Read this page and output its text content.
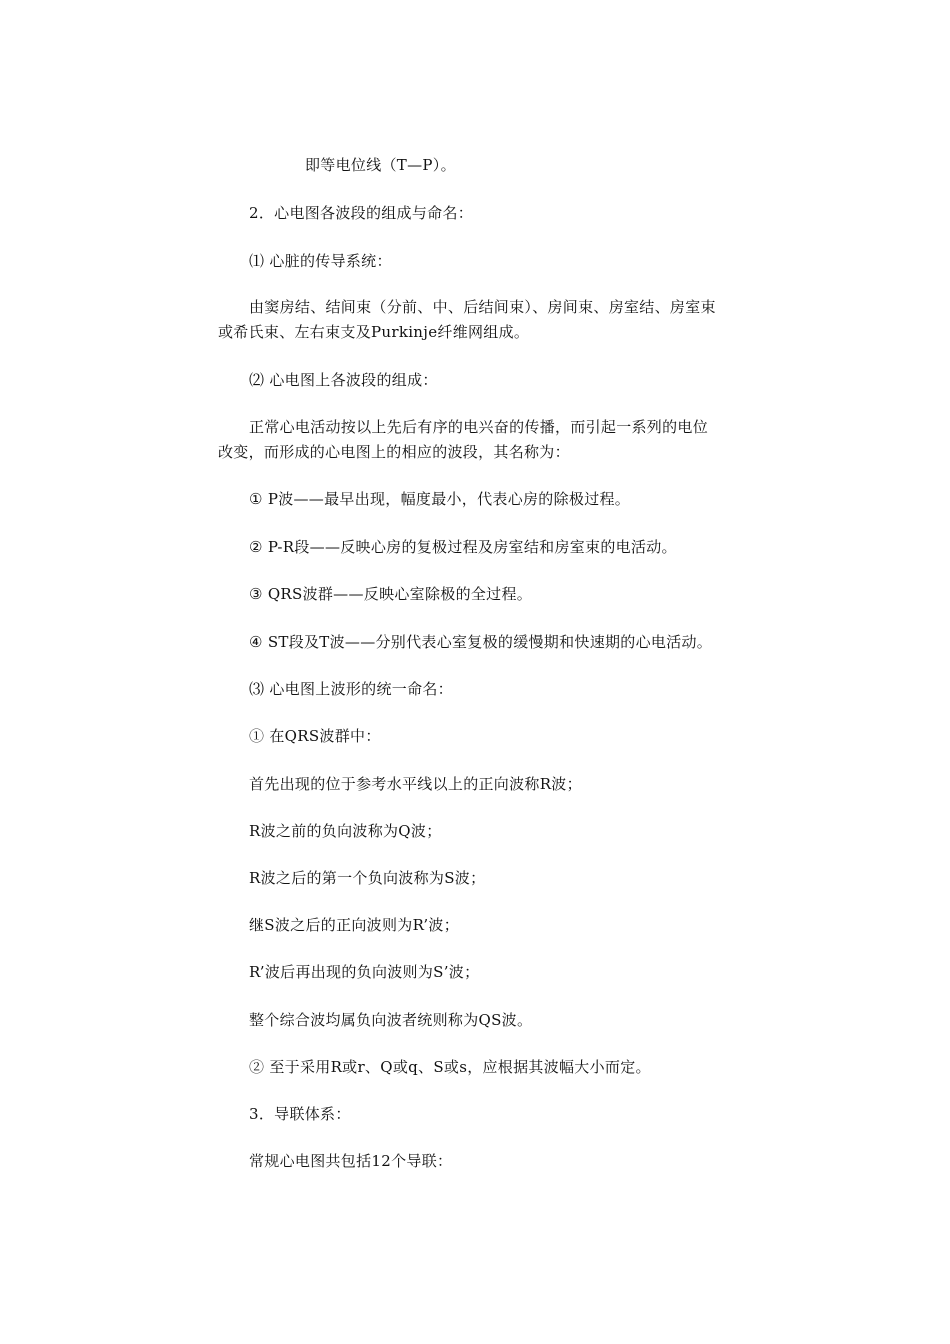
即等电位线（T—P）。
2．心电图各波段的组成与命名：
⑴ 心脏的传导系统：
由窦房结、结间束（分前、中、后结间束）、房间束、房室结、房室束
或希氏束、左右束支及Purkinje纤维网组成。
⑵ 心电图上各波段的组成：
正常心电活动按以上先后有序的电兴奋的传播，而引起一系列的电位
改变，而形成的心电图上的相应的波段，其名称为：
① P波——最早出现，幅度最小，代表心房的除极过程。
② P-R段——反映心房的复极过程及房室结和房室束的电活动。
③ QRS波群——反映心室除极的全过程。
④ ST段及T波——分别代表心室复极的缓慢期和快速期的心电活动。
⑶ 心电图上波形的统一命名：
① 在QRS波群中：
首先出现的位于参考水平线以上的正向波称R波；
R波之前的负向波称为Q波；
R波之后的第一个负向波称为S波；
继S波之后的正向波则为R’波；
R’波后再出现的负向波则为S’波；
整个综合波均属负向波者统则称为QS波。
② 至于采用R或r、Q或q、S或s，应根据其波幅大小而定。
3．导联体系：
常规心电图共包括12个导联：
